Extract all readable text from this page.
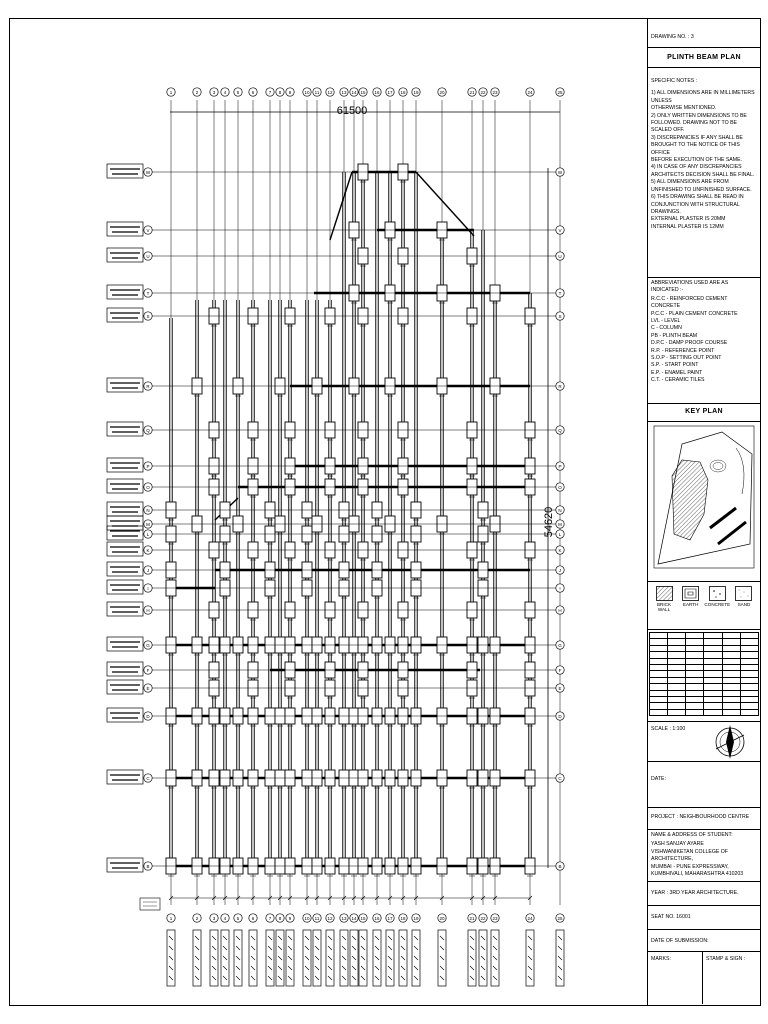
1
1
2
2
3
3
4
4
5
5
6
6
7
7
8
8
9
9
10
10
11
11
12
12
13
13
14
14
15
15
16
16
17
17
18
18
19
19
20
20
21
21
22
22
23
23
24
24
25
25
W	W
V	V
U	U
T	T
S	S
R	R
Q	Q
P	P
O	O
N	N
M	M
L	L
K	K
J	J
I	I
H	H
G	G
F	F
E	E
D	D
C	C
B	B
61500
54620
DRAWING NO. : 3
PLINTH BEAM PLAN

SPECIFIC NOTES :

1) ALL DIMENSIONS ARE IN MILLIMETERS UNLESS

OTHERWISE MENTIONED.

2) ONLY WRITTEN DIMENSIONS TO BE

FOLLOWED. DRAWING NOT TO BE SCALED OFF.

3) DISCREPANCIES IF ANY SHALL BE

BROUGHT TO THE NOTICE OF THIS OFFICE

BEFORE EXECUTION OF THE SAME.

4) IN CASE OF ANY DISCREPANCIES

ARCHITECTS DECISION SHALL BE FINAL.

5) ALL DIMENSIONS ARE FROM

UNFINISHED TO UNFINISHED SURFACE.

6) THIS DRAWING SHALL BE READ IN

CONJUNCTION WITH STRUCTURAL DRAWINGS.

EXTERNAL PLASTER IS 20MM

INTERNAL PLASTER IS 12MM

ABBREVIATIONS USED ARE AS INDICATED :-

R.C.C - REINFORCED CEMENT CONCRETE

P.C.C - PLAIN CEMENT CONCRETE

LVL - LEVEL

C - COLUMN

PB - PLINTH BEAM

D.P.C - DAMP PROOF COURSE

R.P. - REFERENCE POINT

S.O.P - SETTING OUT POINT

S.P. - START POINT

E.P. - ENAMEL PAINT

C.T. - CERAMIC TILES

KEY PLAN
BRICK WALL
EARTH	CONCRETE	SAND

SCALE : 1:100
DATE:
PROJECT : NEIGHBOURHOOD CENTRE

NAME & ADDRESS OF STUDENT:

YASH SANJAY AYARE

VISHWANIKETAN COLLEGE OF ARCHITECTURE,

MUMBAI - PUNE EXPRESSWAY,

KUMBHIVALI, MAHARASHTRA 410203

YEAR : 3RD YEAR ARCHITECTURE.
SEAT NO. 16001
DATE OF SUBMISSION:
MARKS:	STAMP & SIGN :
